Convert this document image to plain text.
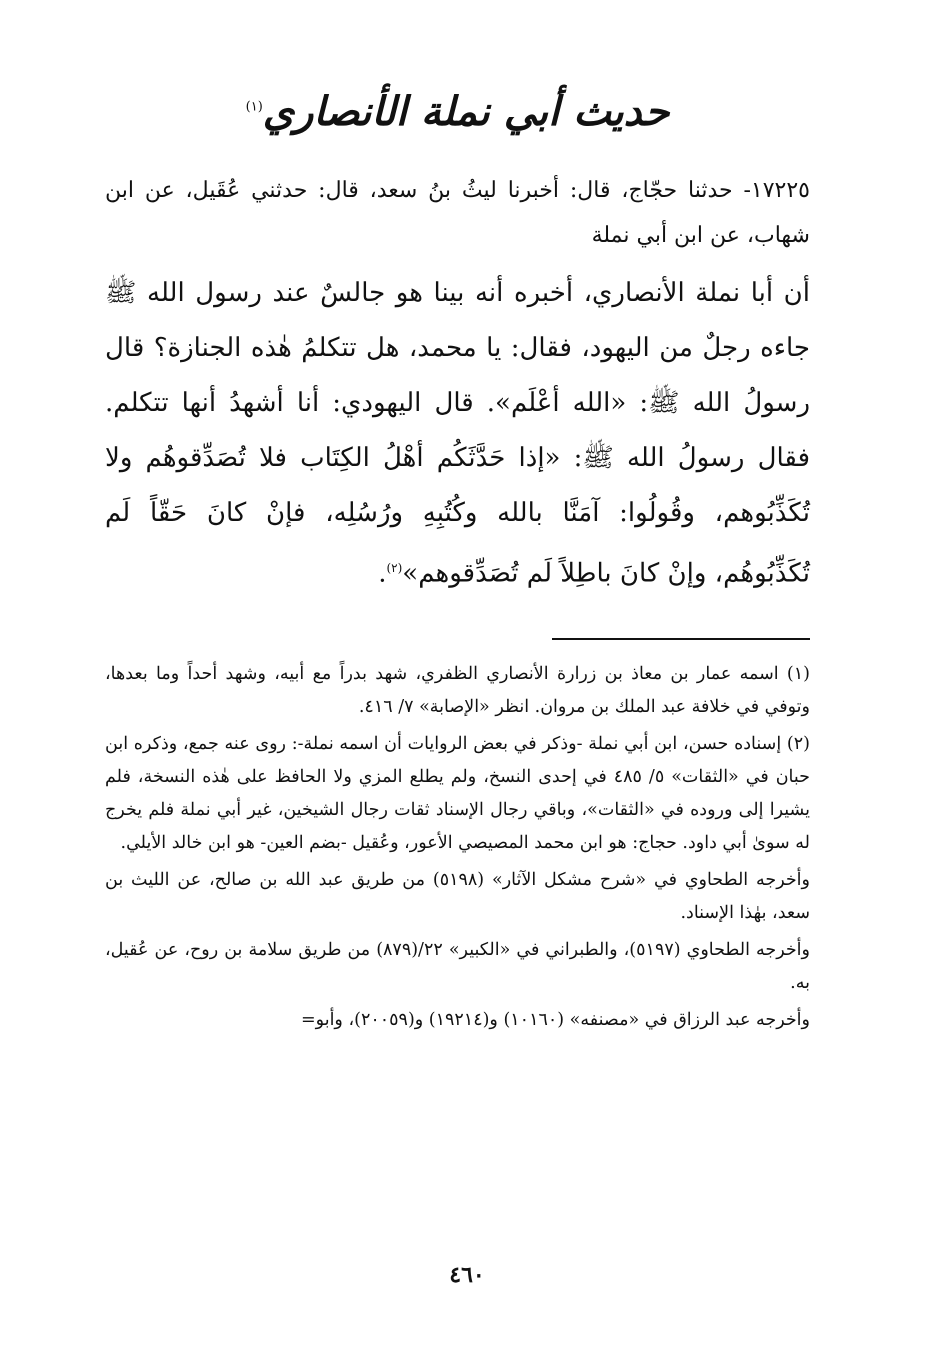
حديث أبي نملة الأنصاري$^{(١)}$

١٧٢٢٥- حدثنا حجّاج، قال: أخبرنا ليثُ بنُ سعد، قال: حدثني عُقَيل، عن ابن شهاب، عن ابن أبي نملة

أن أبا نملة الأنصاري، أخبره أنه بينا هو جالسٌ عند رسول الله ﷺ جاءه رجلٌ من اليهود، فقال: يا محمد، هل تتكلمُ هٰذه الجنازة؟ قال رسولُ الله ﷺ: «الله أعْلَم». قال اليهودي: أنا أشهدُ أنها تتكلم. فقال رسولُ الله ﷺ: «إذا حَدَّثَكُم أهْلُ الكِتَاب فلا تُصَدِّقوهُم ولا تُكَذِّبُوهم، وقُولُوا: آمَنَّا بالله وكُتُبِهِ ورُسُلِه، فإنْ كانَ حَقّاً لَم تُكَذِّبُوهُم، وإنْ كانَ باطِلاً لَم تُصَدِّقوهم»$^{(٢)}$.

(١) اسمه عمار بن معاذ بن زرارة الأنصاري الظفري، شهد بدراً مع أبيه، وشهد أحداً وما بعدها، وتوفي في خلافة عبد الملك بن مروان. انظر «الإصابة» ٧/ ٤١٦.

(٢) إسناده حسن، ابن أبي نملة -وذكر في بعض الروايات أن اسمه نملة-: روى عنه جمع، وذكره ابن حبان في «الثقات» ٥/ ٤٨٥ في إحدى النسخ، ولم يطلع المزي ولا الحافظ على هٰذه النسخة، فلم يشيرا إلى وروده في «الثقات»، وباقي رجال الإسناد ثقات رجال الشيخين، غير أبي نملة فلم يخرج له سوىٰ أبي داود. حجاج: هو ابن محمد المصيصي الأعور، وعُقيل -بضم العين- هو ابن خالد الأيلي.

وأخرجه الطحاوي في «شرح مشكل الآثار» (٥١٩٨) من طريق عبد الله بن صالح، عن الليث بن سعد، بهٰذا الإسناد.

وأخرجه الطحاوي (٥١٩٧)، والطبراني في «الكبير» ٢٢/(٨٧٩) من طريق سلامة بن روح، عن عُقيل، به.

وأخرجه عبد الرزاق في «مصنفه» (١٠١٦٠) و(١٩٢١٤) و(٢٠٠٥٩)، وأبو=

٤٦٠
